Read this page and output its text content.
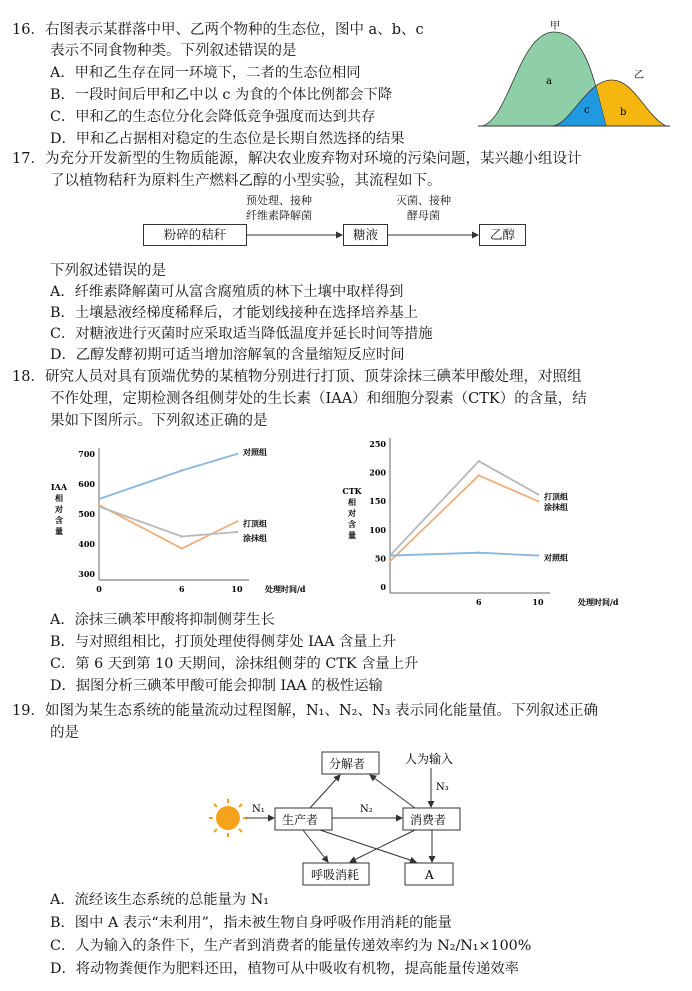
16．右图表示某群落中甲、乙两个物种的生态位，图中 a、b、c
表示不同食物种类。下列叙述错误的是
A．甲和乙生存在同一环境下，二者的生态位相同
B．一段时间后甲和乙中以 c 为食的个体比例都会下降
C．甲和乙的生态位分化会降低竞争强度而达到共存
D．甲和乙占据相对稳定的生态位是长期自然选择的结果
甲
乙
a
c	b
17．为充分开发新型的生物质能源，解决农业废弃物对环境的污染问题，某兴趣小组设计
了以植物秸秆为原料生产燃料乙醇的小型实验，其流程如下。
预处理、接种
纤维素降解菌
灭菌、接种
酵母菌
粉碎的秸秆	糖液	乙醇
下列叙述错误的是
A．纤维素降解菌可从富含腐殖质的林下土壤中取样得到
B．土壤悬液经梯度稀释后，才能划线接种在选择培养基上
C．对糖液进行灭菌时应采取适当降低温度并延长时间等措施
D．乙醇发酵初期可适当增加溶解氧的含量缩短反应时间
18．研究人员对具有顶端优势的某植物分别进行打顶、顶芽涂抹三碘苯甲酸处理，对照组
不作处理，定期检测各组侧芽处的生长素（IAA）和细胞分裂素（CTK）的含量，结
果如下图所示。下列叙述正确的是
300
400
500
600
700
0	6	10	处理时间/d
IAA 相对含量
对照组
打顶组
涂抹组
0
50
100
150
200
250
6	10	处理时间/d
CTK 相对含量
打顶组
涂抹组
对照组
A．涂抹三碘苯甲酸将抑制侧芽生长
B．与对照组相比，打顶处理使得侧芽处 IAA 含量上升
C．第 6 天到第 10 天期间，涂抹组侧芽的 CTK 含量上升
D．据图分析三碘苯甲酸可能会抑制 IAA 的极性运输
19．如图为某生态系统的能量流动过程图解，N₁、N₂、N₃ 表示同化能量值。下列叙述正确
的是
分解者
生产者	消费者
呼吸消耗	A
人为输入
N₁	N₂
N₃
A．流经该生态系统的总能量为 N₁
B．图中 A 表示“未利用”，指未被生物自身呼吸作用消耗的能量
C．人为输入的条件下，生产者到消费者的能量传递效率约为 N₂/N₁×100%
D．将动物粪便作为肥料还田，植物可从中吸收有机物，提高能量传递效率
